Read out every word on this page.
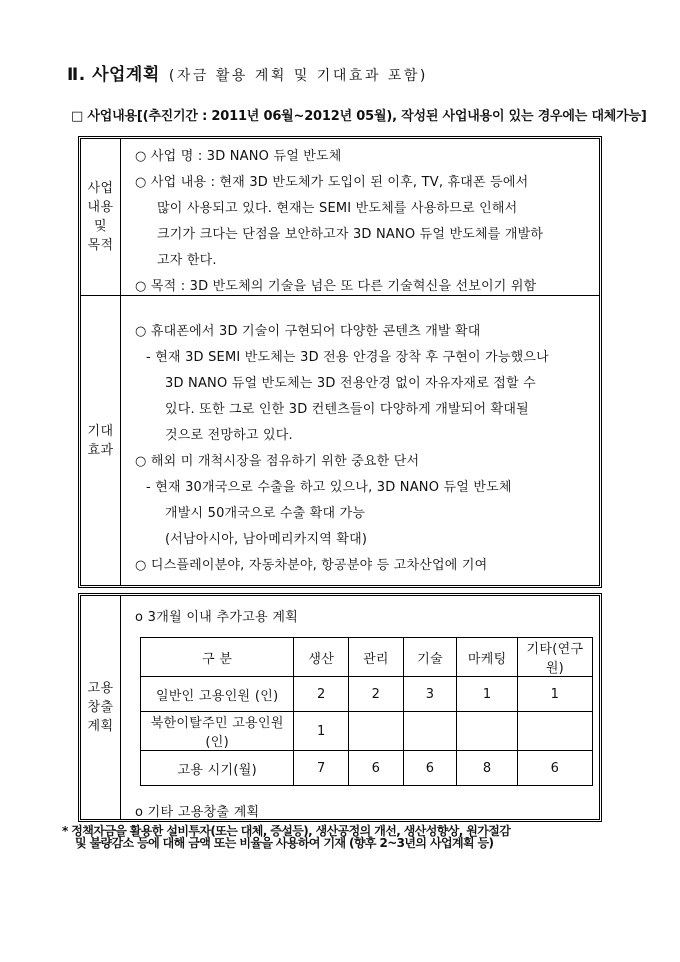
Ⅱ. 사업계획 (자금 활용 계획 및 기대효과 포함)
□ 사업내용[(추진기간 : 2011년 06월~2012년 05월), 작성된 사업내용이 있는 경우에는 대체가능]
사업
내용
및
목적
○ 사업 명 : 3D NANO 듀얼 반도체
○ 사업 내용 : 현재 3D 반도체가 도입이 된 이후, TV, 휴대폰 등에서
많이 사용되고 있다. 현재는 SEMI 반도체를 사용하므로 인해서
크기가 크다는 단점을 보안하고자 3D NANO 듀얼 반도체를 개발하
고자 한다.
○ 목적 : 3D 반도체의 기술을 넘은 또 다른 기술혁신을 선보이기 위함
기대
효과
○ 휴대폰에서 3D 기술이 구현되어 다양한 콘텐츠 개발 확대
- 현재 3D SEMI 반도체는 3D 전용 안경을 장착 후 구현이 가능했으나
3D NANO 듀얼 반도체는 3D 전용안경 없이 자유자재로 접할 수
있다. 또한 그로 인한 3D 컨텐츠들이 다양하게 개발되어 확대될
것으로 전망하고 있다.
○ 해외 미 개척시장을 점유하기 위한 중요한 단서
- 현재 30개국으로 수출을 하고 있으나, 3D NANO 듀얼 반도체
개발시 50개국으로 수출 확대 가능
(서남아시아, 남아메리카지역 확대)
○ 디스플레이분야, 자동차분야, 항공분야 등 고차산업에 기여
고용
창출
계획
o 3개월 이내 추가고용 계획
구 분	생산	관리	기술	마케팅	기타(연구원)
일반인 고용인원 (인)	2	2	3	1	1
북한이탈주민 고용인원(인)	1				
고용 시기(월)	7	6	6	8	6
o 기타 고용창출 계획
* 정책자금을 활용한 설비투자(또는 대체, 증설등), 생산공정의 개선, 생산성향상, 원가절감
및 불량감소 등에 대해 금액 또는 비율을 사용하여 기재 (향후 2~3년의 사업계획 등)
